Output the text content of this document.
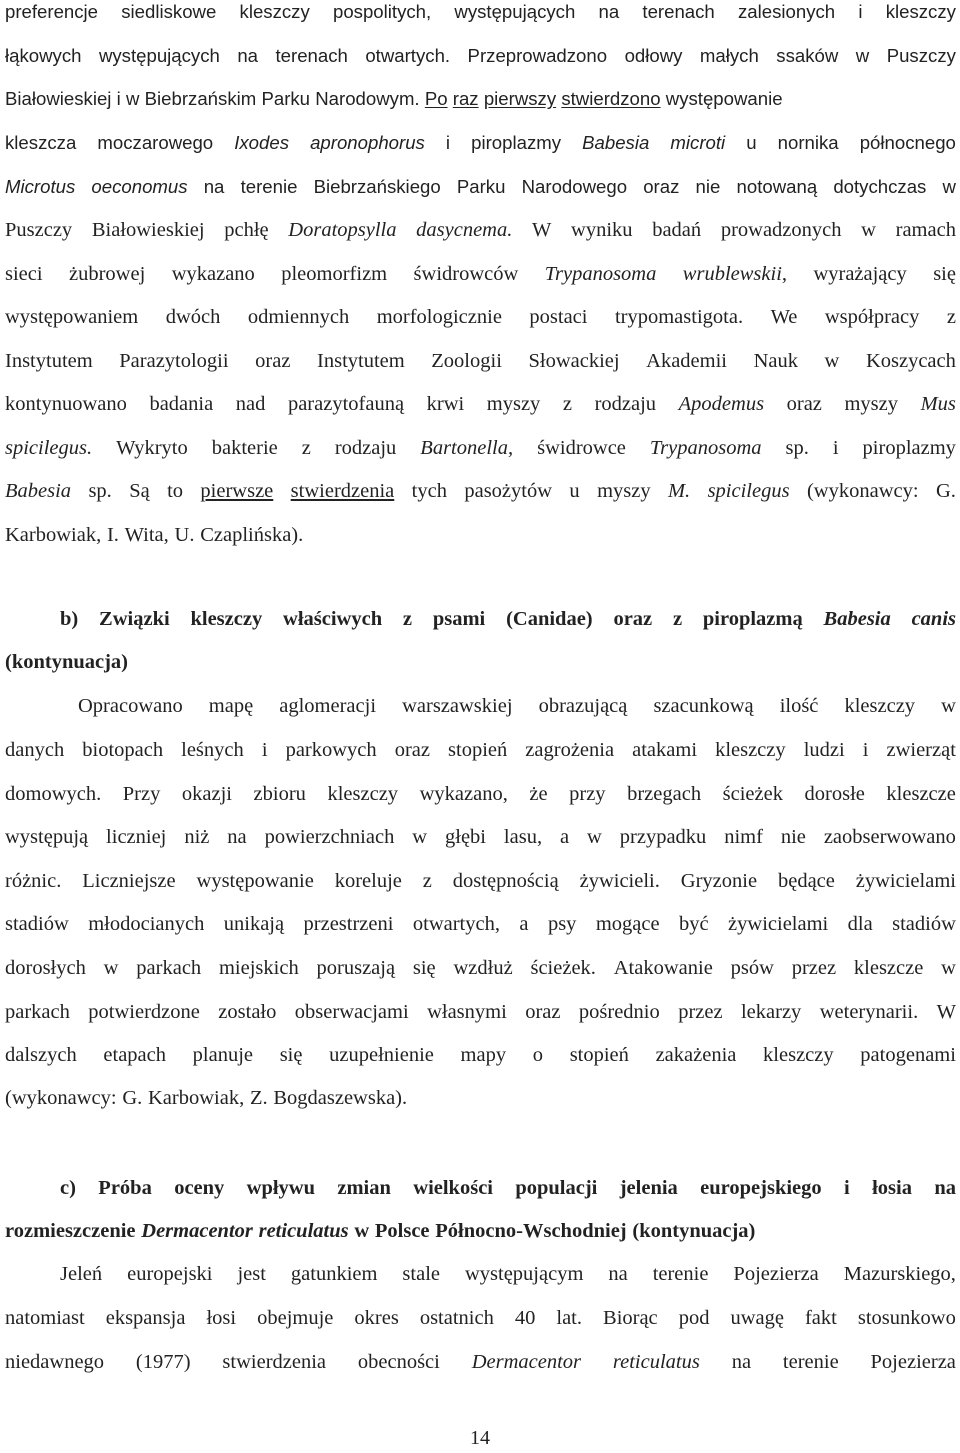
preferencje siedliskowe kleszczy pospolitych, występujących na terenach zalesionych i kleszczy
łąkowych występujących na terenach otwartych. Przeprowadzono odłowy małych ssaków w Puszczy
Białowieskiej i w Biebrzańskim Parku Narodowym. Po raz pierwszy stwierdzono występowanie
kleszcza moczarowego Ixodes apronophorus i piroplazmy Babesia microti u nornika północnego
Microtus oeconomus na terenie Biebrzańskiego Parku Narodowego oraz nie notowaną dotychczas w
Puszczy Białowieskiej pchłę Doratopsylla dasycnema. W wyniku badań prowadzonych w ramach
sieci żubrowej wykazano pleomorfizm świdrowców Trypanosoma wrublewskii, wyrażający się
występowaniem dwóch odmiennych morfologicznie postaci trypomastigota. We współpracy z
Instytutem Parazytologii oraz Instytutem Zoologii Słowackiej Akademii Nauk w Koszycach
kontynuowano badania nad parazytofauną krwi myszy z rodzaju Apodemus oraz myszy Mus
spicilegus. Wykryto bakterie z rodzaju Bartonella, świdrowce Trypanosoma sp. i piroplazmy
Babesia sp. Są to pierwsze stwierdzenia tych pasożytów u myszy M. spicilegus (wykonawcy: G.
Karbowiak, I. Wita, U. Czaplińska).
b) Związki kleszczy właściwych z psami (Canidae) oraz z piroplazmą Babesia canis
(kontynuacja)
Opracowano mapę aglomeracji warszawskiej obrazującą szacunkową ilość kleszczy w
danych biotopach leśnych i parkowych oraz stopień zagrożenia atakami kleszczy ludzi i zwierząt
domowych. Przy okazji zbioru kleszczy wykazano, że przy brzegach ścieżek dorosłe kleszcze
występują liczniej niż na powierzchniach w głębi lasu, a w przypadku nimf nie zaobserwowano
różnic. Liczniejsze występowanie koreluje z dostępnością żywicieli. Gryzonie będące żywicielami
stadiów młodocianych unikają przestrzeni otwartych, a psy mogące być żywicielami dla stadiów
dorosłych w parkach miejskich poruszają się wzdłuż ścieżek. Atakowanie psów przez kleszcze w
parkach potwierdzone zostało obserwacjami własnymi oraz pośrednio przez lekarzy weterynarii. W
dalszych etapach planuje się uzupełnienie mapy o stopień zakażenia kleszczy patogenami
(wykonawcy: G. Karbowiak, Z. Bogdaszewska).
c) Próba oceny wpływu zmian wielkości populacji jelenia europejskiego i łosia na
rozmieszczenie Dermacentor reticulatus w Polsce Północno-Wschodniej (kontynuacja)
Jeleń europejski jest gatunkiem stale występującym na terenie Pojezierza Mazurskiego,
natomiast ekspansja łosi obejmuje okres ostatnich 40 lat. Biorąc pod uwagę fakt stosunkowo
niedawnego (1977) stwierdzenia obecności Dermacentor reticulatus na terenie Pojezierza
14
